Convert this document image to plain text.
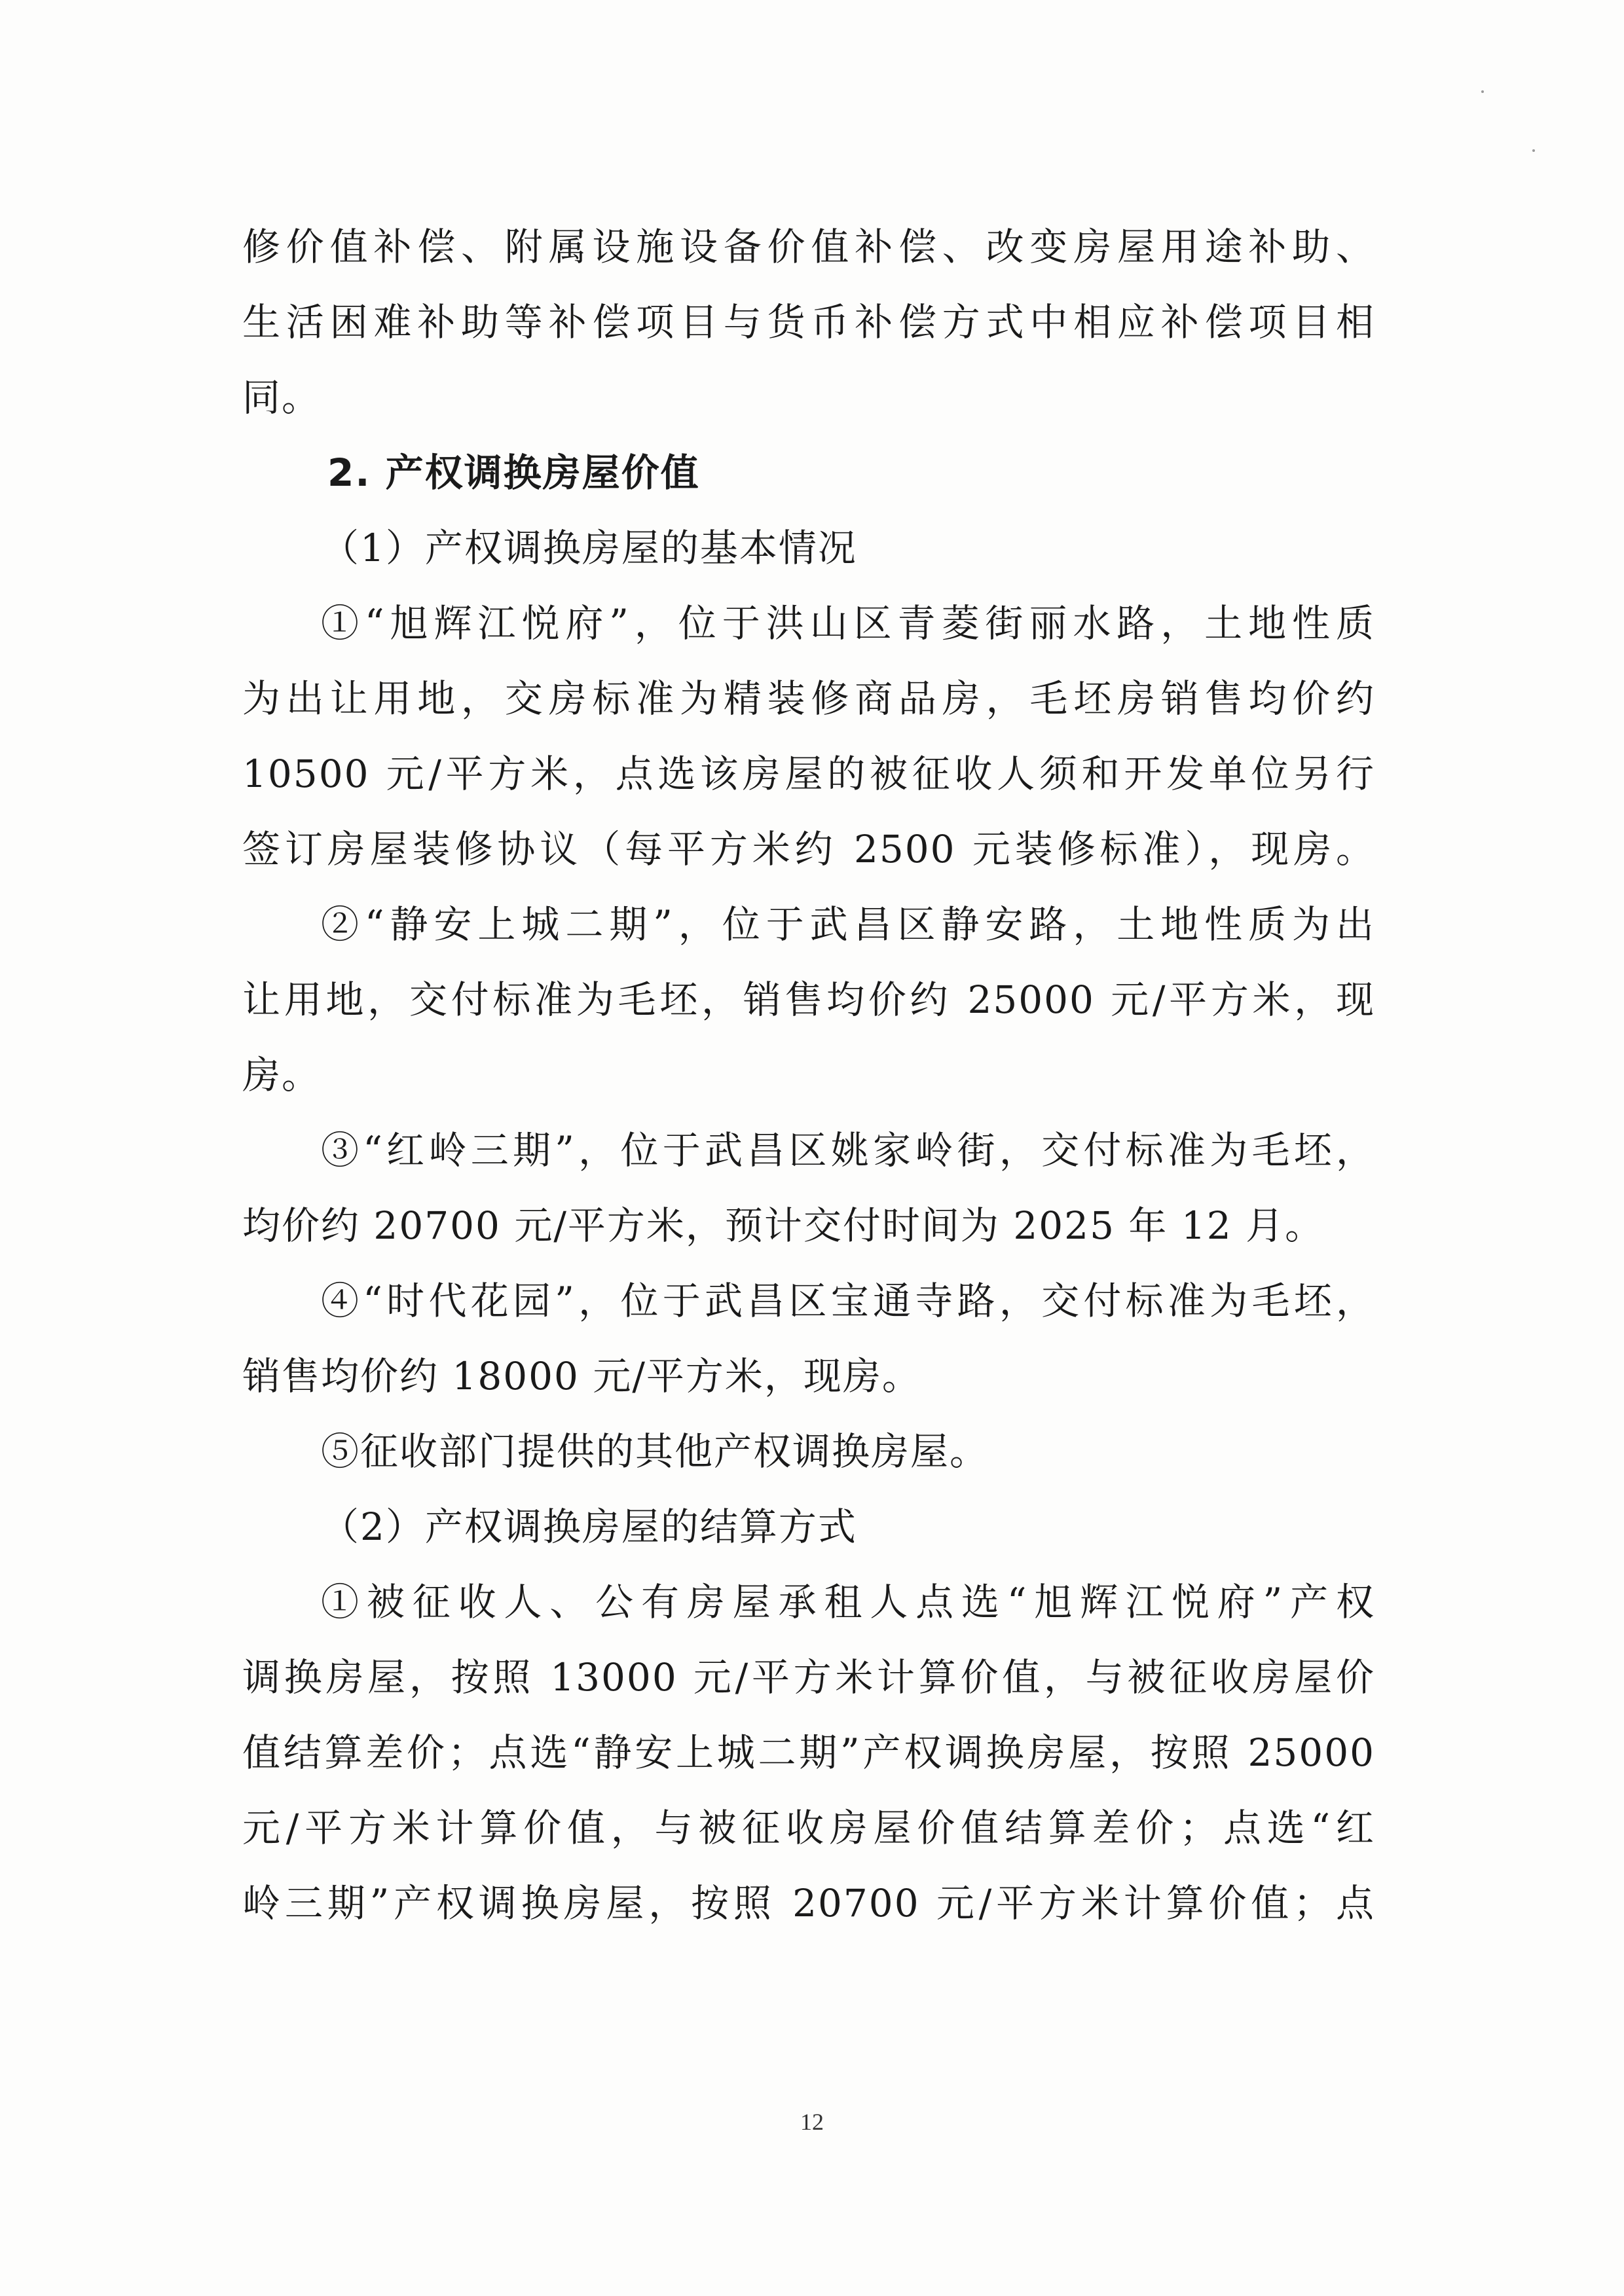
修价值补偿、附属设施设备价值补偿、改变房屋用途补助、
生活困难补助等补偿项目与货币补偿方式中相应补偿项目相
同。
2. 产权调换房屋价值
（1）产权调换房屋的基本情况
①“旭辉江悦府”，位于洪山区青菱街丽水路，土地性质
为出让用地，交房标准为精装修商品房，毛坯房销售均价约
10500 元/平方米，点选该房屋的被征收人须和开发单位另行
签订房屋装修协议（每平方米约 2500 元装修标准），现房。
②“静安上城二期”，位于武昌区静安路，土地性质为出
让用地，交付标准为毛坯，销售均价约 25000 元/平方米，现
房。
③“红岭三期”，位于武昌区姚家岭街，交付标准为毛坯，
均价约 20700 元/平方米，预计交付时间为 2025 年 12 月。
④“时代花园”，位于武昌区宝通寺路，交付标准为毛坯，
销售均价约 18000 元/平方米，现房。
⑤征收部门提供的其他产权调换房屋。
（2）产权调换房屋的结算方式
①被征收人、公有房屋承租人点选“旭辉江悦府”产权
调换房屋，按照 13000 元/平方米计算价值，与被征收房屋价
值结算差价；点选“静安上城二期”产权调换房屋，按照 25000
元/平方米计算价值，与被征收房屋价值结算差价；点选“红
岭三期”产权调换房屋，按照 20700 元/平方米计算价值；点
12
